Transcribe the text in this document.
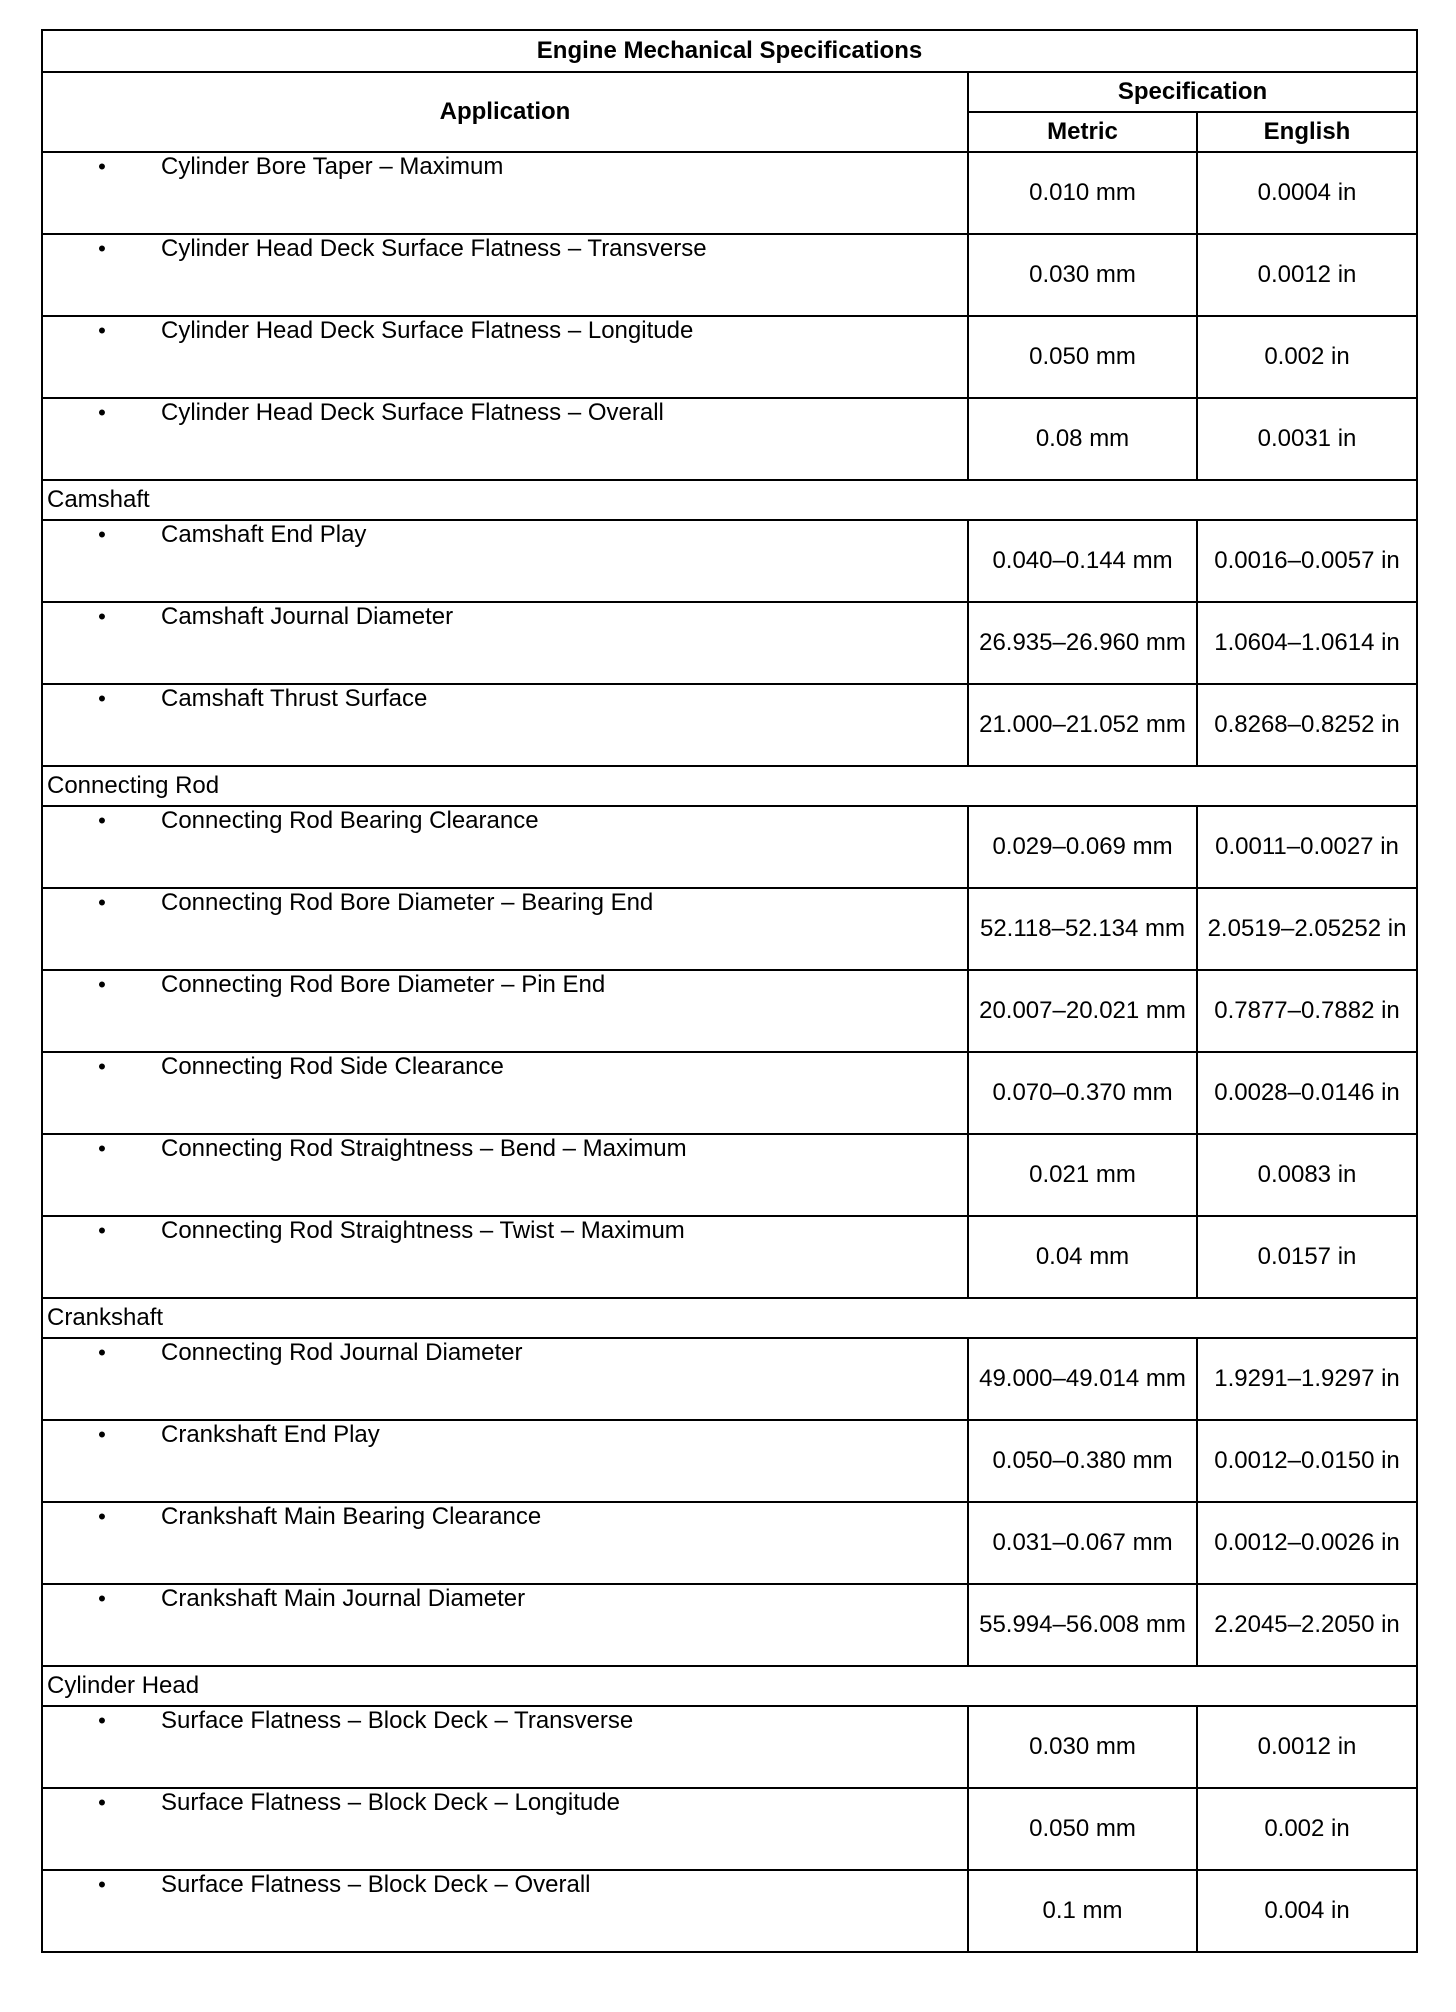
Engine Mechanical Specifications		
Application	Specification	
	Metric	English
• Cylinder Bore Taper – Maximum	0.010 mm	0.0004 in
• Cylinder Head Deck Surface Flatness – Transverse	0.030 mm	0.0012 in
• Cylinder Head Deck Surface Flatness – Longitude	0.050 mm	0.002 in
• Cylinder Head Deck Surface Flatness – Overall	0.08 mm	0.0031 in
Camshaft		
• Camshaft End Play	0.040–0.144 mm	0.0016–0.0057 in
• Camshaft Journal Diameter	26.935–26.960 mm	1.0604–1.0614 in
• Camshaft Thrust Surface	21.000–21.052 mm	0.8268–0.8252 in
Connecting Rod		
• Connecting Rod Bearing Clearance	0.029–0.069 mm	0.0011–0.0027 in
• Connecting Rod Bore Diameter – Bearing End	52.118–52.134 mm	2.0519–2.05252 in
• Connecting Rod Bore Diameter – Pin End	20.007–20.021 mm	0.7877–0.7882 in
• Connecting Rod Side Clearance	0.070–0.370 mm	0.0028–0.0146 in
• Connecting Rod Straightness – Bend – Maximum	0.021 mm	0.0083 in
• Connecting Rod Straightness – Twist – Maximum	0.04 mm	0.0157 in
Crankshaft		
• Connecting Rod Journal Diameter	49.000–49.014 mm	1.9291–1.9297 in
• Crankshaft End Play	0.050–0.380 mm	0.0012–0.0150 in
• Crankshaft Main Bearing Clearance	0.031–0.067 mm	0.0012–0.0026 in
• Crankshaft Main Journal Diameter	55.994–56.008 mm	2.2045–2.2050 in
Cylinder Head		
• Surface Flatness – Block Deck – Transverse	0.030 mm	0.0012 in
• Surface Flatness – Block Deck – Longitude	0.050 mm	0.002 in
• Surface Flatness – Block Deck – Overall	0.1 mm	0.004 in
